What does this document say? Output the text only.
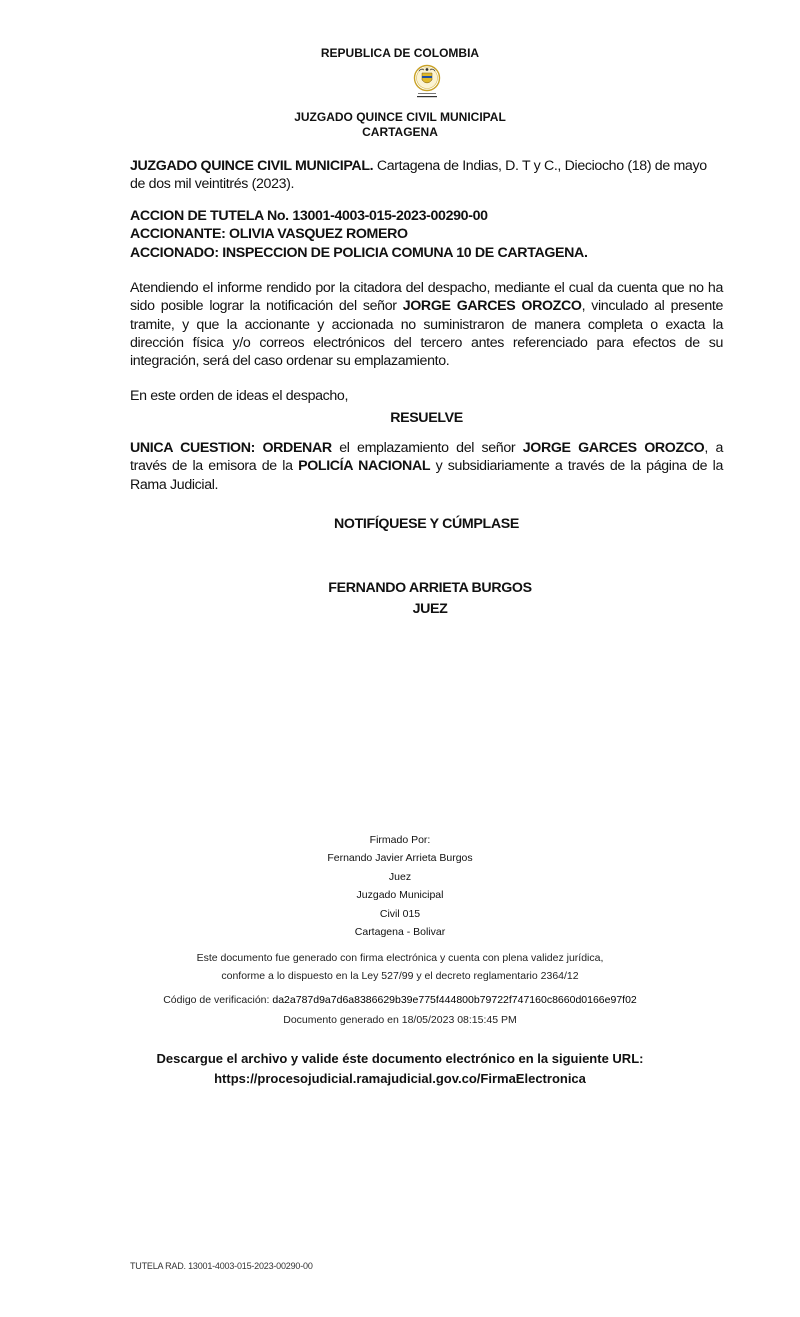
REPUBLICA DE COLOMBIA
JUZGADO QUINCE CIVIL MUNICIPAL
CARTAGENA
JUZGADO QUINCE CIVIL MUNICIPAL. Cartagena de Indias, D. T y C., Dieciocho (18) de mayo de dos mil veintitrés (2023).
ACCION DE TUTELA No. 13001-4003-015-2023-00290-00
ACCIONANTE: OLIVIA VASQUEZ ROMERO
ACCIONADO: INSPECCION DE POLICIA COMUNA 10 DE CARTAGENA.
Atendiendo el informe rendido por la citadora del despacho, mediante el cual da cuenta que no ha sido posible lograr la notificación del señor JORGE GARCES OROZCO, vinculado al presente tramite, y que la accionante y accionada no suministraron de manera completa o exacta la dirección física y/o correos electrónicos del tercero antes referenciado para efectos de su integración, será del caso ordenar su emplazamiento.
En este orden de ideas el despacho,
RESUELVE
UNICA CUESTION: ORDENAR el emplazamiento del señor JORGE GARCES OROZCO, a través de la emisora de la POLICÍA NACIONAL y subsidiariamente a través de la página de la Rama Judicial.
NOTIFÍQUESE Y CÚMPLASE
FERNANDO ARRIETA BURGOS
JUEZ
Firmado Por:
Fernando Javier Arrieta Burgos
Juez
Juzgado Municipal
Civil 015
Cartagena - Bolivar
Este documento fue generado con firma electrónica y cuenta con plena validez jurídica,
conforme a lo dispuesto en la Ley 527/99 y el decreto reglamentario 2364/12
Código de verificación: da2a787d9a7d6a8386629b39e775f444800b79722f747160c8660d0166e97f02
Documento generado en 18/05/2023 08:15:45 PM
Descargue el archivo y valide éste documento electrónico en la siguiente URL:
https://procesojudicial.ramajudicial.gov.co/FirmaElectronica
TUTELA RAD. 13001-4003-015-2023-00290-00
